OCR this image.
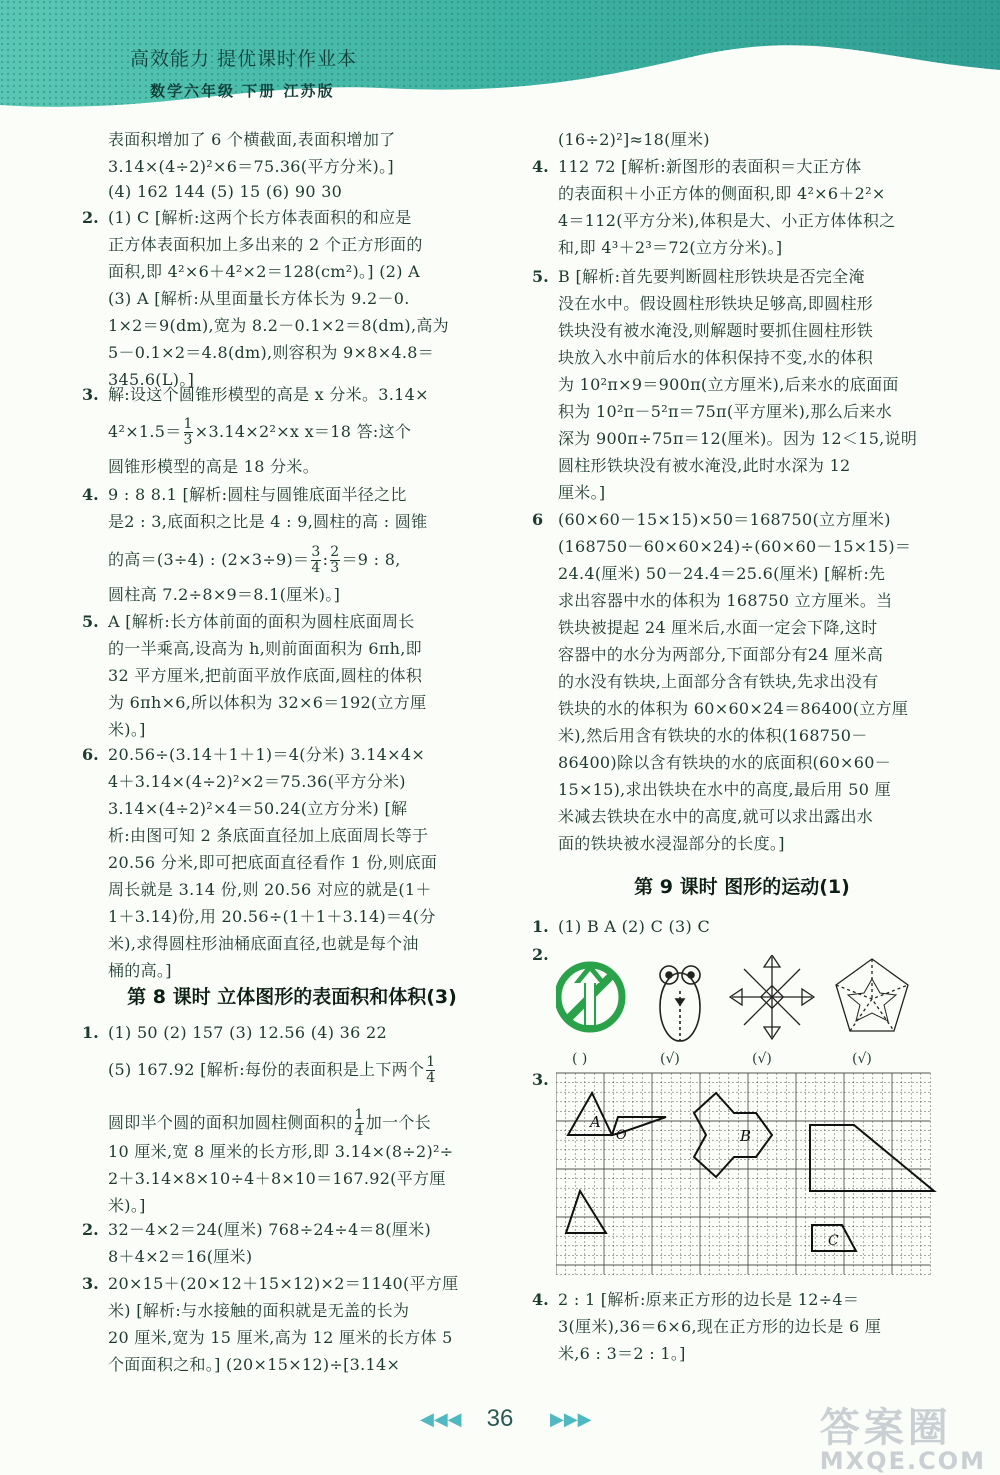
高效能力 提优课时作业本
数学六年级 下册 江苏版
表面积增加了 6 个横截面,表面积增加了
3.14×(4÷2)²×6＝75.36(平方分米)。]
(4) 162 144 (5) 15 (6) 90 30
2. (1) C [解析:这两个长方体表面积的和应是
正方体表面积加上多出来的 2 个正方形面的
面积,即 4²×6＋4²×2＝128(cm²)。] (2) A
(3) A [解析:从里面量长方体长为 9.2－0.
1×2＝9(dm),宽为 8.2－0.1×2＝8(dm),高为
5－0.1×2＝4.8(dm),则容积为 9×8×4.8＝
345.6(L)。]
3. 解:设这个圆锥形模型的高是 x 分米。3.14×
$4^2\times 1.5= \frac{1}{3} \times 3.14\times 2^2\times x$ x＝18 答:这个
圆锥形模型的高是 18 分米。
4. 9 : 8 8.1 [解析:圆柱与圆锥底面半径之比
是2 : 3,底面积之比是 4 : 9,圆柱的高 : 圆锥
的高＝(3÷4) : $(2\times 3\div 9)= \frac{3}{4}$ : $\frac{2}{3} =9$ : 8,
圆柱高 7.2÷8×9＝8.1(厘米)。]
5. A [解析:长方体前面的面积为圆柱底面周长
的一半乘高,设高为 h,则前面面积为 6πh,即
32 平方厘米,把前面平放作底面,圆柱的体积
为 6πh×6,所以体积为 32×6＝192(立方厘
米)。]
6. 20.56÷(3.14＋1＋1)＝4(分米) 3.14×4×
4＋3.14×(4÷2)²×2＝75.36(平方分米)
3.14×(4÷2)²×4＝50.24(立方分米) [解
析:由图可知 2 条底面直径加上底面周长等于
20.56 分米,即可把底面直径看作 1 份,则底面
周长就是 3.14 份,则 20.56 对应的就是(1＋
1＋3.14)份,用 20.56÷(1＋1＋3.14)＝4(分
米),求得圆柱形油桶底面直径,也就是每个油
桶的高。]
第 8 课时 立体图形的表面积和体积(3)
1. (1) 50 (2) 157 (3) 12.56 (4) 36 22
(5) 167.92 [解析:每份的表面积是上下两个 $\frac{1}{4}$
圆即半个圆的面积加圆柱侧面积的 $\frac{1}{4}$ 加一个长
10 厘米,宽 8 厘米的长方形,即 3.14×(8÷2)²÷
2＋3.14×8×10÷4＋8×10＝167.92(平方厘
米)。]
2. 32－4×2＝24(厘米) 768÷24÷4＝8(厘米)
8＋4×2＝16(厘米)
3. 20×15＋(20×12＋15×12)×2＝1140(平方厘
米) [解析:与水接触的面积就是无盖的长为
20 厘米,宽为 15 厘米,高为 12 厘米的长方体 5
个面面积之和。] (20×15×12)÷[3.14×
(16÷2)²]≈18(厘米)
4. 112 72 [解析:新图形的表面积＝大正方体
的表面积＋小正方体的侧面积,即 4²×6＋2²×
4＝112(平方分米),体积是大、小正方体体积之
和,即 4³＋2³＝72(立方分米)。]
5. B [解析:首先要判断圆柱形铁块是否完全淹
没在水中。假设圆柱形铁块足够高,即圆柱形
铁块没有被水淹没,则解题时要抓住圆柱形铁
块放入水中前后水的体积保持不变,水的体积
为 10²π×9＝900π(立方厘米),后来水的底面面
积为 10²π－5²π＝75π(平方厘米),那么后来水
深为 900π÷75π＝12(厘米)。因为 12＜15,说明
圆柱形铁块没有被水淹没,此时水深为 12
厘米。]
6 (60×60－15×15)×50＝168750(立方厘米)
(168750－60×60×24)÷(60×60－15×15)＝
24.4(厘米) 50－24.4＝25.6(厘米) [解析:先
求出容器中水的体积为 168750 立方厘米。当
铁块被提起 24 厘米后,水面一定会下降,这时
容器中的水分为两部分,下面部分有24 厘米高
的水没有铁块,上面部分含有铁块,先求出没有
铁块的水的体积为 60×60×24＝86400(立方厘
米),然后用含有铁块的水的体积(168750－
86400)除以含有铁块的水的底面积(60×60－
15×15),求出铁块在水中的高度,最后用 50 厘
米减去铁块在水中的高度,就可以求出露出水
面的铁块被水浸湿部分的长度。]
第 9 课时 图形的运动(1)
1. (1) B A (2) C (3) C
2.
3.
4. 2 : 1 [解析:原来正方形的边长是 12÷4＝
3(厘米),36＝6×6,现在正方形的边长是 6 厘
米,6 : 3＝2 : 1。]
( )	(√)	(√)	(√)
A
O	B
C
◀◀◀ 36 ▶▶▶	答案圈
MXQE.COM
